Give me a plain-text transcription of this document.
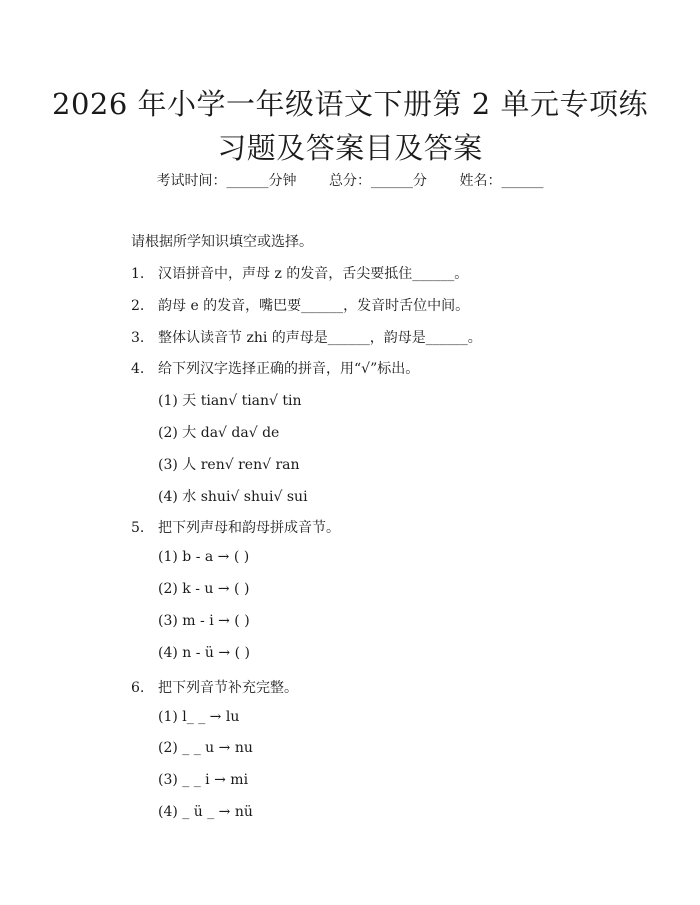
2026 年小学一年级语文下册第 2 单元专项练
习题及答案目及答案
考试时间：______分钟 总分：______分 姓名：______
请根据所学知识填空或选择。
1. 汉语拼音中，声母 z 的发音，舌尖要抵住______。
2. 韵母 e 的发音，嘴巴要______，发音时舌位中间。
3. 整体认读音节 zhi 的声母是______，韵母是______。
4. 给下列汉字选择正确的拼音，用“√”标出。
(1) 天 tian√ tian√ tin
(2) 大 da√ da√ de
(3) 人 ren√ ren√ ran
(4) 水 shui√ shui√ sui
5. 把下列声母和韵母拼成音节。
(1) b - a → ( )
(2) k - u → ( )
(3) m - i → ( )
(4) n - ü → ( )
6. 把下列音节补充完整。
(1) l_ _ → lu
(2) _ _ u → nu
(3) _ _ i → mi
(4) _ ü _ → nü
